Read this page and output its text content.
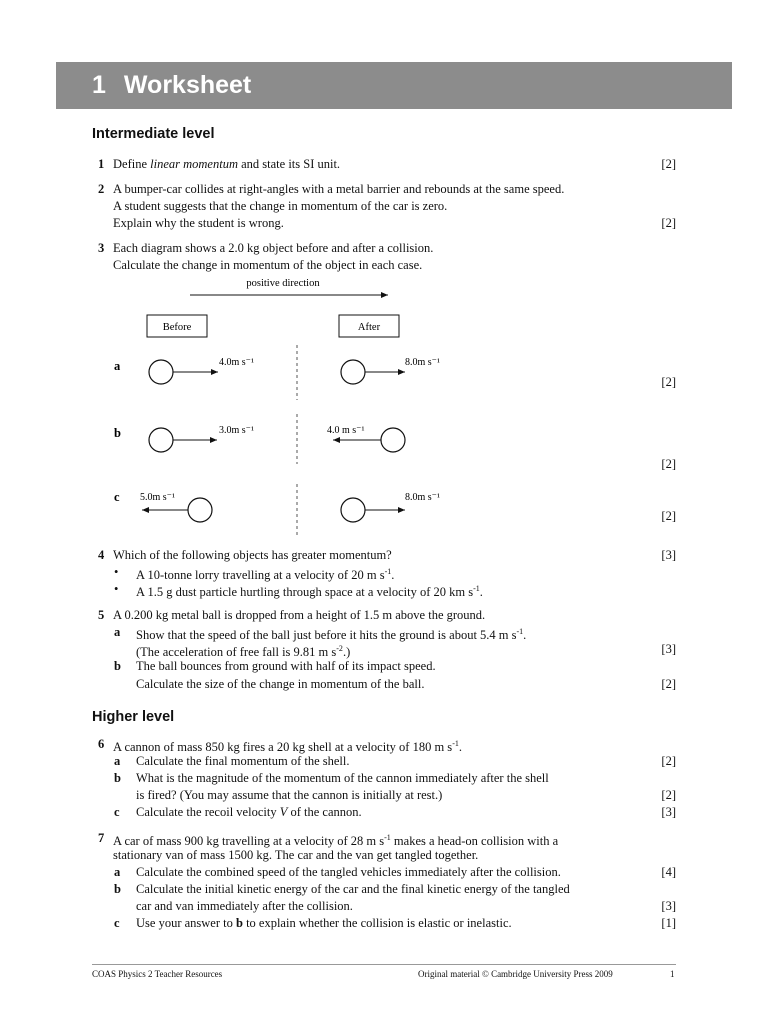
1 Worksheet
Intermediate level
1 Define linear momentum and state its SI unit.	[2]
2 A bumper-car collides at right-angles with a metal barrier and rebounds at the same speed.
A student suggests that the change in momentum of the car is zero.
Explain why the student is wrong.	[2]
3 Each diagram shows a 2.0 kg object before and after a collision.
Calculate the change in momentum of the object in each case.
positive direction
Before	After
a	4.0m s⁻¹	8.0m s⁻¹
b	3.0m s⁻¹	4.0 m s⁻¹
c 5.0m s⁻¹	8.0m s⁻¹
[2]
[2]
[2]
4 Which of the following objects has greater momentum?	[3]
• A 10-tonne lorry travelling at a velocity of 20 m $s^{-1}$.
• A 1.5 g dust particle hurtling through space at a velocity of 20 km $s^{-1}$.
5 A 0.200 kg metal ball is dropped from a height of 1.5 m above the ground.
a Show that the speed of the ball just before it hits the ground is about 5.4 m $s^{-1}$.
(The acceleration of free fall is 9.81 m $s^{-2}$.)	[3]
b The ball bounces from ground with half of its impact speed.
Calculate the size of the change in momentum of the ball.	[2]
Higher level
6 A cannon of mass 850 kg fires a 20 kg shell at a velocity of 180 m $s^{-1}$.
a Calculate the final momentum of the shell.	[2]
b What is the magnitude of the momentum of the cannon immediately after the shell
is fired? (You may assume that the cannon is initially at rest.)	[2]
c Calculate the recoil velocity V of the cannon.	[3]
7 A car of mass 900 kg travelling at a velocity of 28 m $s^{-1}$ makes a head-on collision with a
stationary van of mass 1500 kg. The car and the van get tangled together.
a Calculate the combined speed of the tangled vehicles immediately after the collision.	[4]
b Calculate the initial kinetic energy of the car and the final kinetic energy of the tangled
car and van immediately after the collision.	[3]
c Use your answer to b to explain whether the collision is elastic or inelastic.	[1]
COAS Physics 2 Teacher Resources	Original material © Cambridge University Press 2009	1
